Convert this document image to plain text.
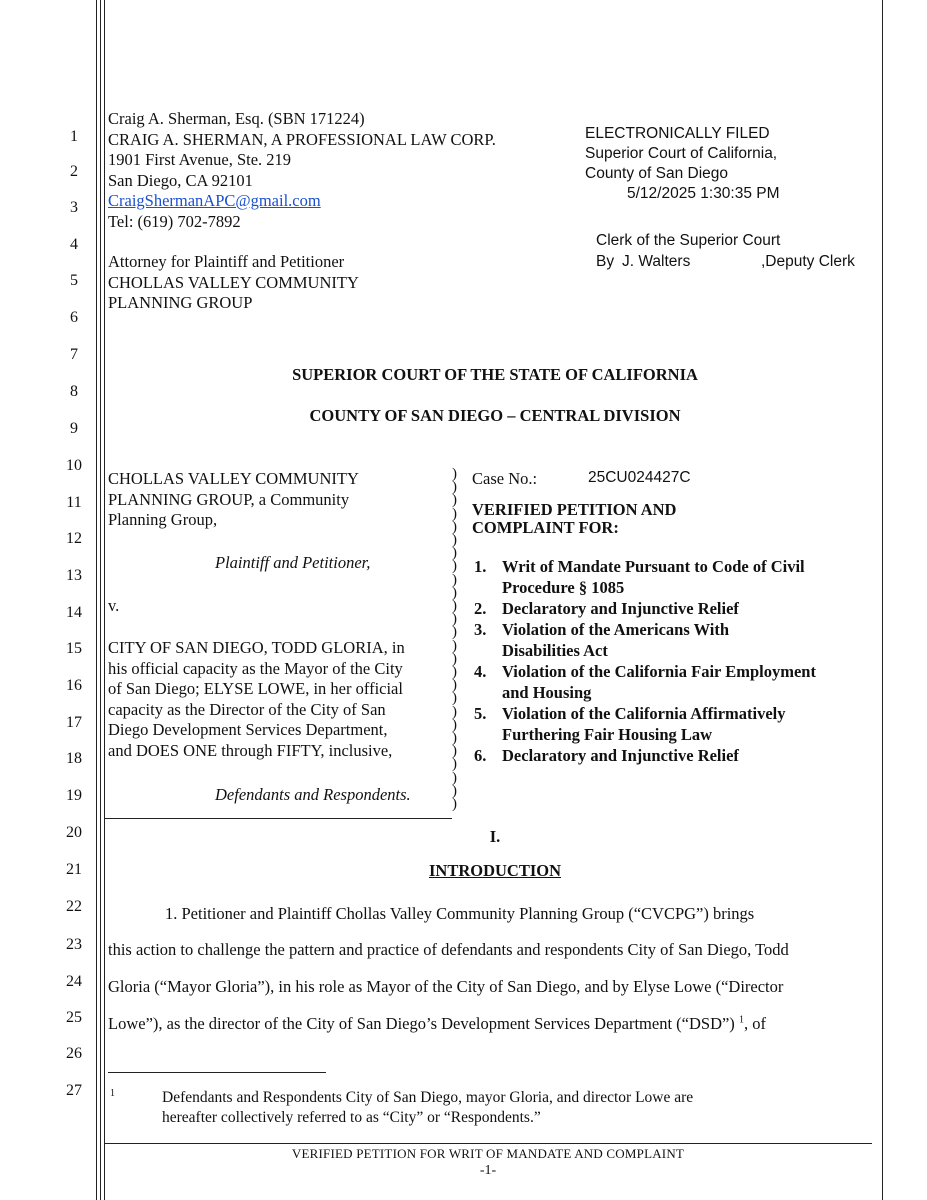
1
2
3
4
5
6
7
8
9
10
11
12
13
14
15
16
17
18
19
20
21
22
23
24
25
26
27
Craig A. Sherman, Esq. (SBN 171224)
CRAIG A. SHERMAN, A PROFESSIONAL LAW CORP.
1901 First Avenue, Ste. 219
San Diego, CA 92101
CraigShermanAPC@gmail.com
Tel: (619) 702-7892
Attorney for Plaintiff and Petitioner
CHOLLAS VALLEY COMMUNITY
PLANNING GROUP
ELECTRONICALLY FILED
Superior Court of California,
County of San Diego
5/12/2025 1:30:35 PM
Clerk of the Superior Court
By J. Walters	,Deputy Clerk
SUPERIOR COURT OF THE STATE OF CALIFORNIA
COUNTY OF SAN DIEGO – CENTRAL DIVISION
CHOLLAS VALLEY COMMUNITY
PLANNING GROUP, a Community
Planning Group,
Plaintiff and Petitioner,
v.
CITY OF SAN DIEGO, TODD GLORIA, in
his official capacity as the Mayor of the City
of San Diego; ELYSE LOWE, in her official
capacity as the Director of the City of San
Diego Development Services Department,
and DOES ONE through FIFTY, inclusive,
Defendants and Respondents.
)
)
)
)
)
)
)
)
)
)
)
)
)
)
)
)
)
)
)
)
)
)
)
)
)
)
Case No.:	25CU024427C
VERIFIED PETITION AND
COMPLAINT FOR:
1. Writ of Mandate Pursuant to Code of Civil
Procedure § 1085
2. Declaratory and Injunctive Relief
3. Violation of the Americans With
Disabilities Act
4. Violation of the California Fair Employment
and Housing
5. Violation of the California Affirmatively
Furthering Fair Housing Law
6. Declaratory and Injunctive Relief
I.
INTRODUCTION
1. Petitioner and Plaintiff Chollas Valley Community Planning Group (“CVCPG”) brings
this action to challenge the pattern and practice of defendants and respondents City of San Diego, Todd
Gloria (“Mayor Gloria”), in his role as Mayor of the City of San Diego, and by Elyse Lowe (“Director
Lowe”), as the director of the City of San Diego’s Development Services Department (“DSD”) $^1$, of
1	Defendants and Respondents City of San Diego, mayor Gloria, and director Lowe are
hereafter collectively referred to as “City” or “Respondents.”
VERIFIED PETITION FOR WRIT OF MANDATE AND COMPLAINT
-1-
